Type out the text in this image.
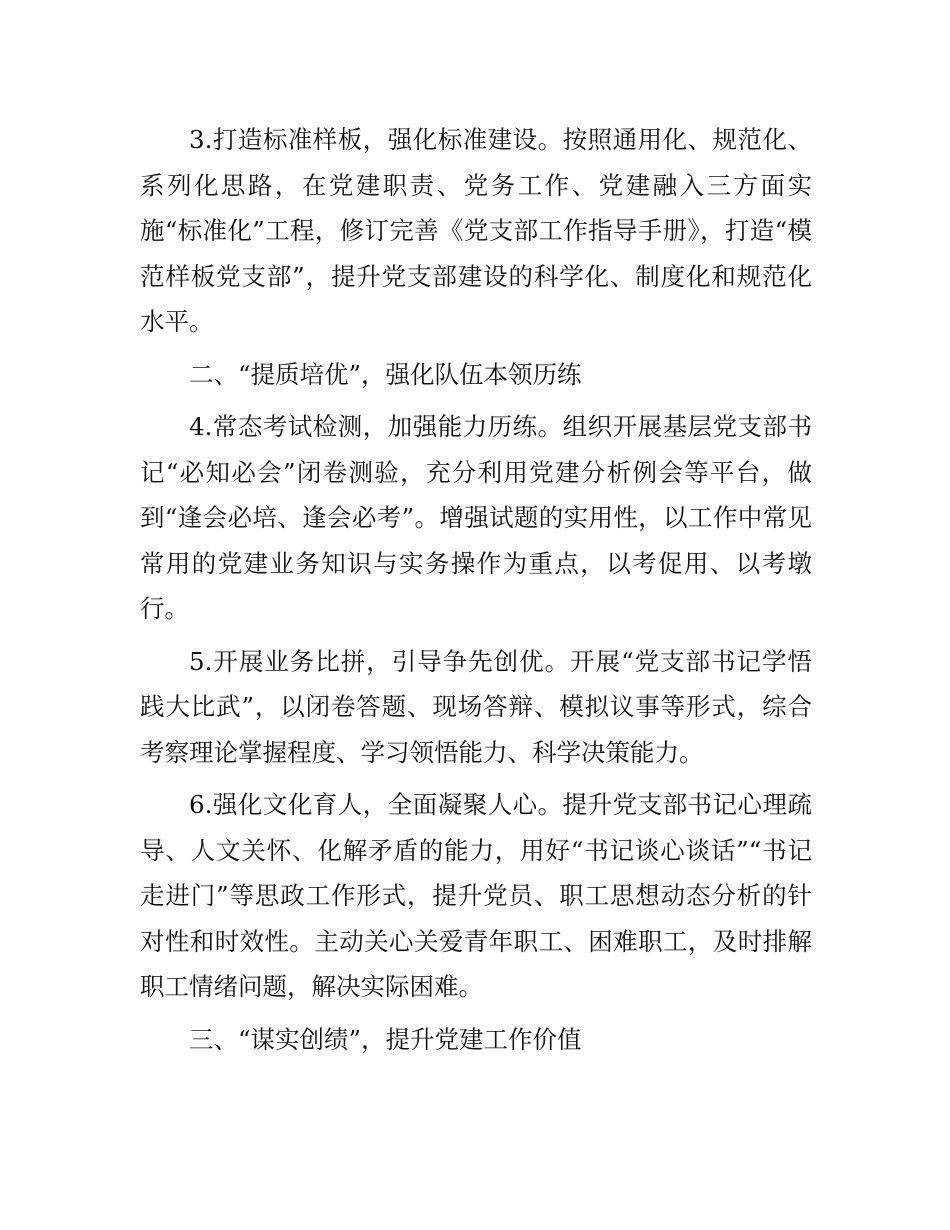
3.打造标准样板，强化标准建设。按照通用化、规范化、系列化思路，在党建职责、党务工作、党建融入三方面实施“标准化”工程，修订完善《党支部工作指导手册》，打造“模范样板党支部”，提升党支部建设的科学化、制度化和规范化水平。

二、“提质培优”，强化队伍本领历练

4.常态考试检测，加强能力历练。组织开展基层党支部书记“必知必会”闭卷测验，充分利用党建分析例会等平台，做到“逢会必培、逢会必考”。增强试题的实用性，以工作中常见常用的党建业务知识与实务操作为重点，以考促用、以考墩行。

5.开展业务比拼，引导争先创优。开展“党支部书记学悟践大比武”，以闭卷答题、现场答辩、模拟议事等形式，综合考察理论掌握程度、学习领悟能力、科学决策能力。

6.强化文化育人，全面凝聚人心。提升党支部书记心理疏导、人文关怀、化解矛盾的能力，用好“书记谈心谈话”“书记走进门”等思政工作形式，提升党员、职工思想动态分析的针对性和时效性。主动关心关爱青年职工、困难职工，及时排解职工情绪问题，解决实际困难。

三、“谋实创绩”，提升党建工作价值
